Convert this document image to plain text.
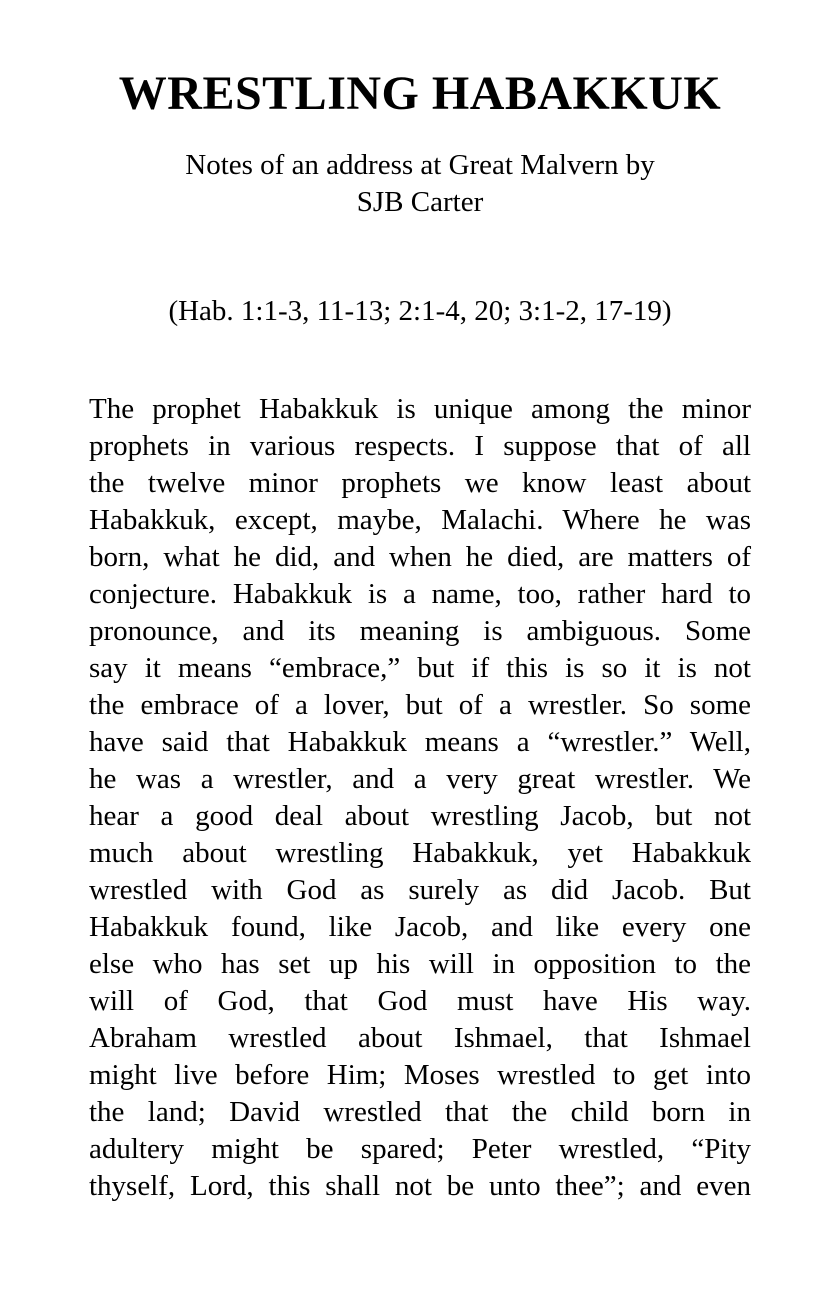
WRESTLING HABAKKUK
Notes of an address at Great Malvern by
SJB Carter
(Hab. 1:1-3, 11-13; 2:1-4, 20; 3:1-2, 17-19)
The prophet Habakkuk is unique among the minor
prophets in various respects. I suppose that of all
the twelve minor prophets we know least about
Habakkuk, except, maybe, Malachi. Where he was
born, what he did, and when he died, are matters of
conjecture. Habakkuk is a name, too, rather hard to
pronounce, and its meaning is ambiguous. Some
say it means “embrace,” but if this is so it is not
the embrace of a lover, but of a wrestler. So some
have said that Habakkuk means a “wrestler.” Well,
he was a wrestler, and a very great wrestler. We
hear a good deal about wrestling Jacob, but not
much about wrestling Habakkuk, yet Habakkuk
wrestled with God as surely as did Jacob. But
Habakkuk found, like Jacob, and like every one
else who has set up his will in opposition to the
will of God, that God must have His way.
Abraham wrestled about Ishmael, that Ishmael
might live before Him; Moses wrestled to get into
the land; David wrestled that the child born in
adultery might be spared; Peter wrestled, “Pity
thyself, Lord, this shall not be unto thee”; and even
